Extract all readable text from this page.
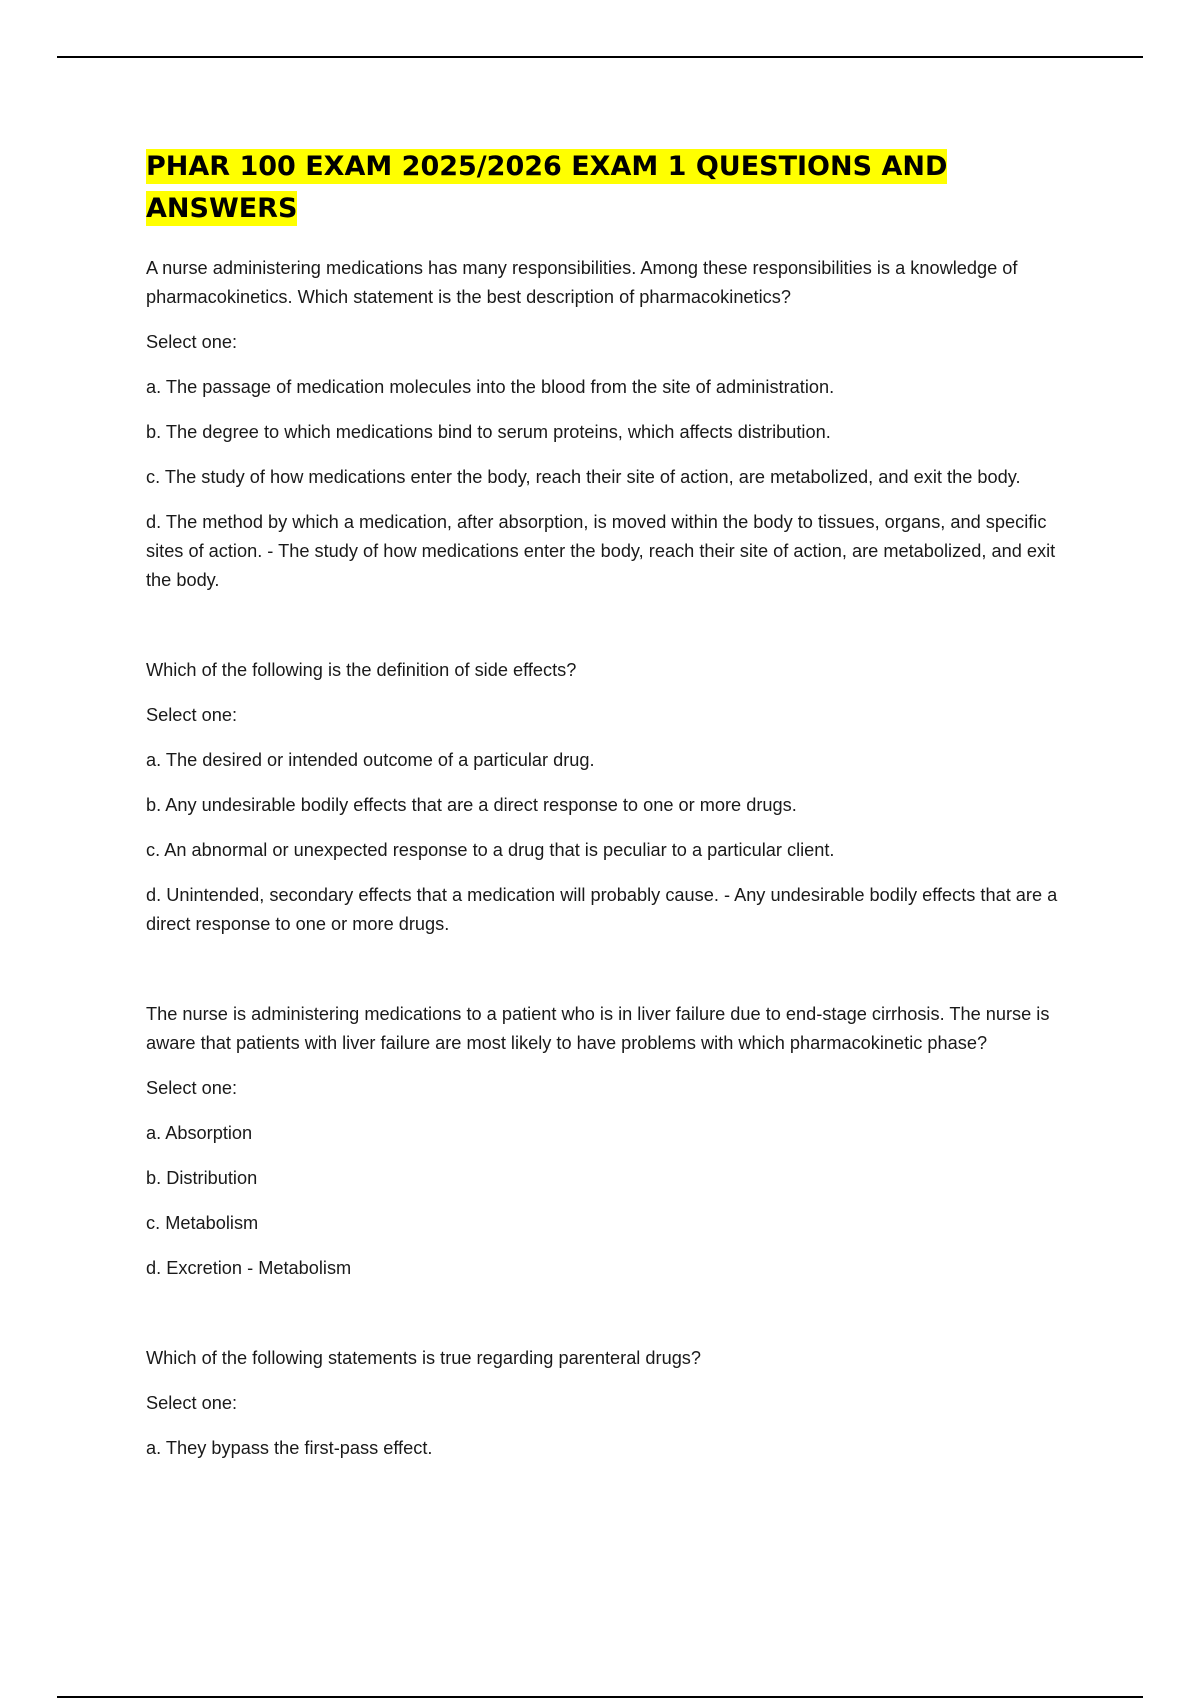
PHAR 100 EXAM 2025/2026 EXAM 1 QUESTIONS AND ANSWERS

A nurse administering medications has many responsibilities. Among these responsibilities is a knowledge of pharmacokinetics. Which statement is the best description of pharmacokinetics?

Select one:

a. The passage of medication molecules into the blood from the site of administration.

b. The degree to which medications bind to serum proteins, which affects distribution.

c. The study of how medications enter the body, reach their site of action, are metabolized, and exit the body.

d. The method by which a medication, after absorption, is moved within the body to tissues, organs, and specific sites of action. - The study of how medications enter the body, reach their site of action, are metabolized, and exit the body.

Which of the following is the definition of side effects?

Select one:

a. The desired or intended outcome of a particular drug.

b. Any undesirable bodily effects that are a direct response to one or more drugs.

c. An abnormal or unexpected response to a drug that is peculiar to a particular client.

d. Unintended, secondary effects that a medication will probably cause. - Any undesirable bodily effects that are a direct response to one or more drugs.

The nurse is administering medications to a patient who is in liver failure due to end-stage cirrhosis. The nurse is aware that patients with liver failure are most likely to have problems with which pharmacokinetic phase?

Select one:

a. Absorption

b. Distribution

c. Metabolism

d. Excretion - Metabolism

Which of the following statements is true regarding parenteral drugs?

Select one:

a. They bypass the first-pass effect.
